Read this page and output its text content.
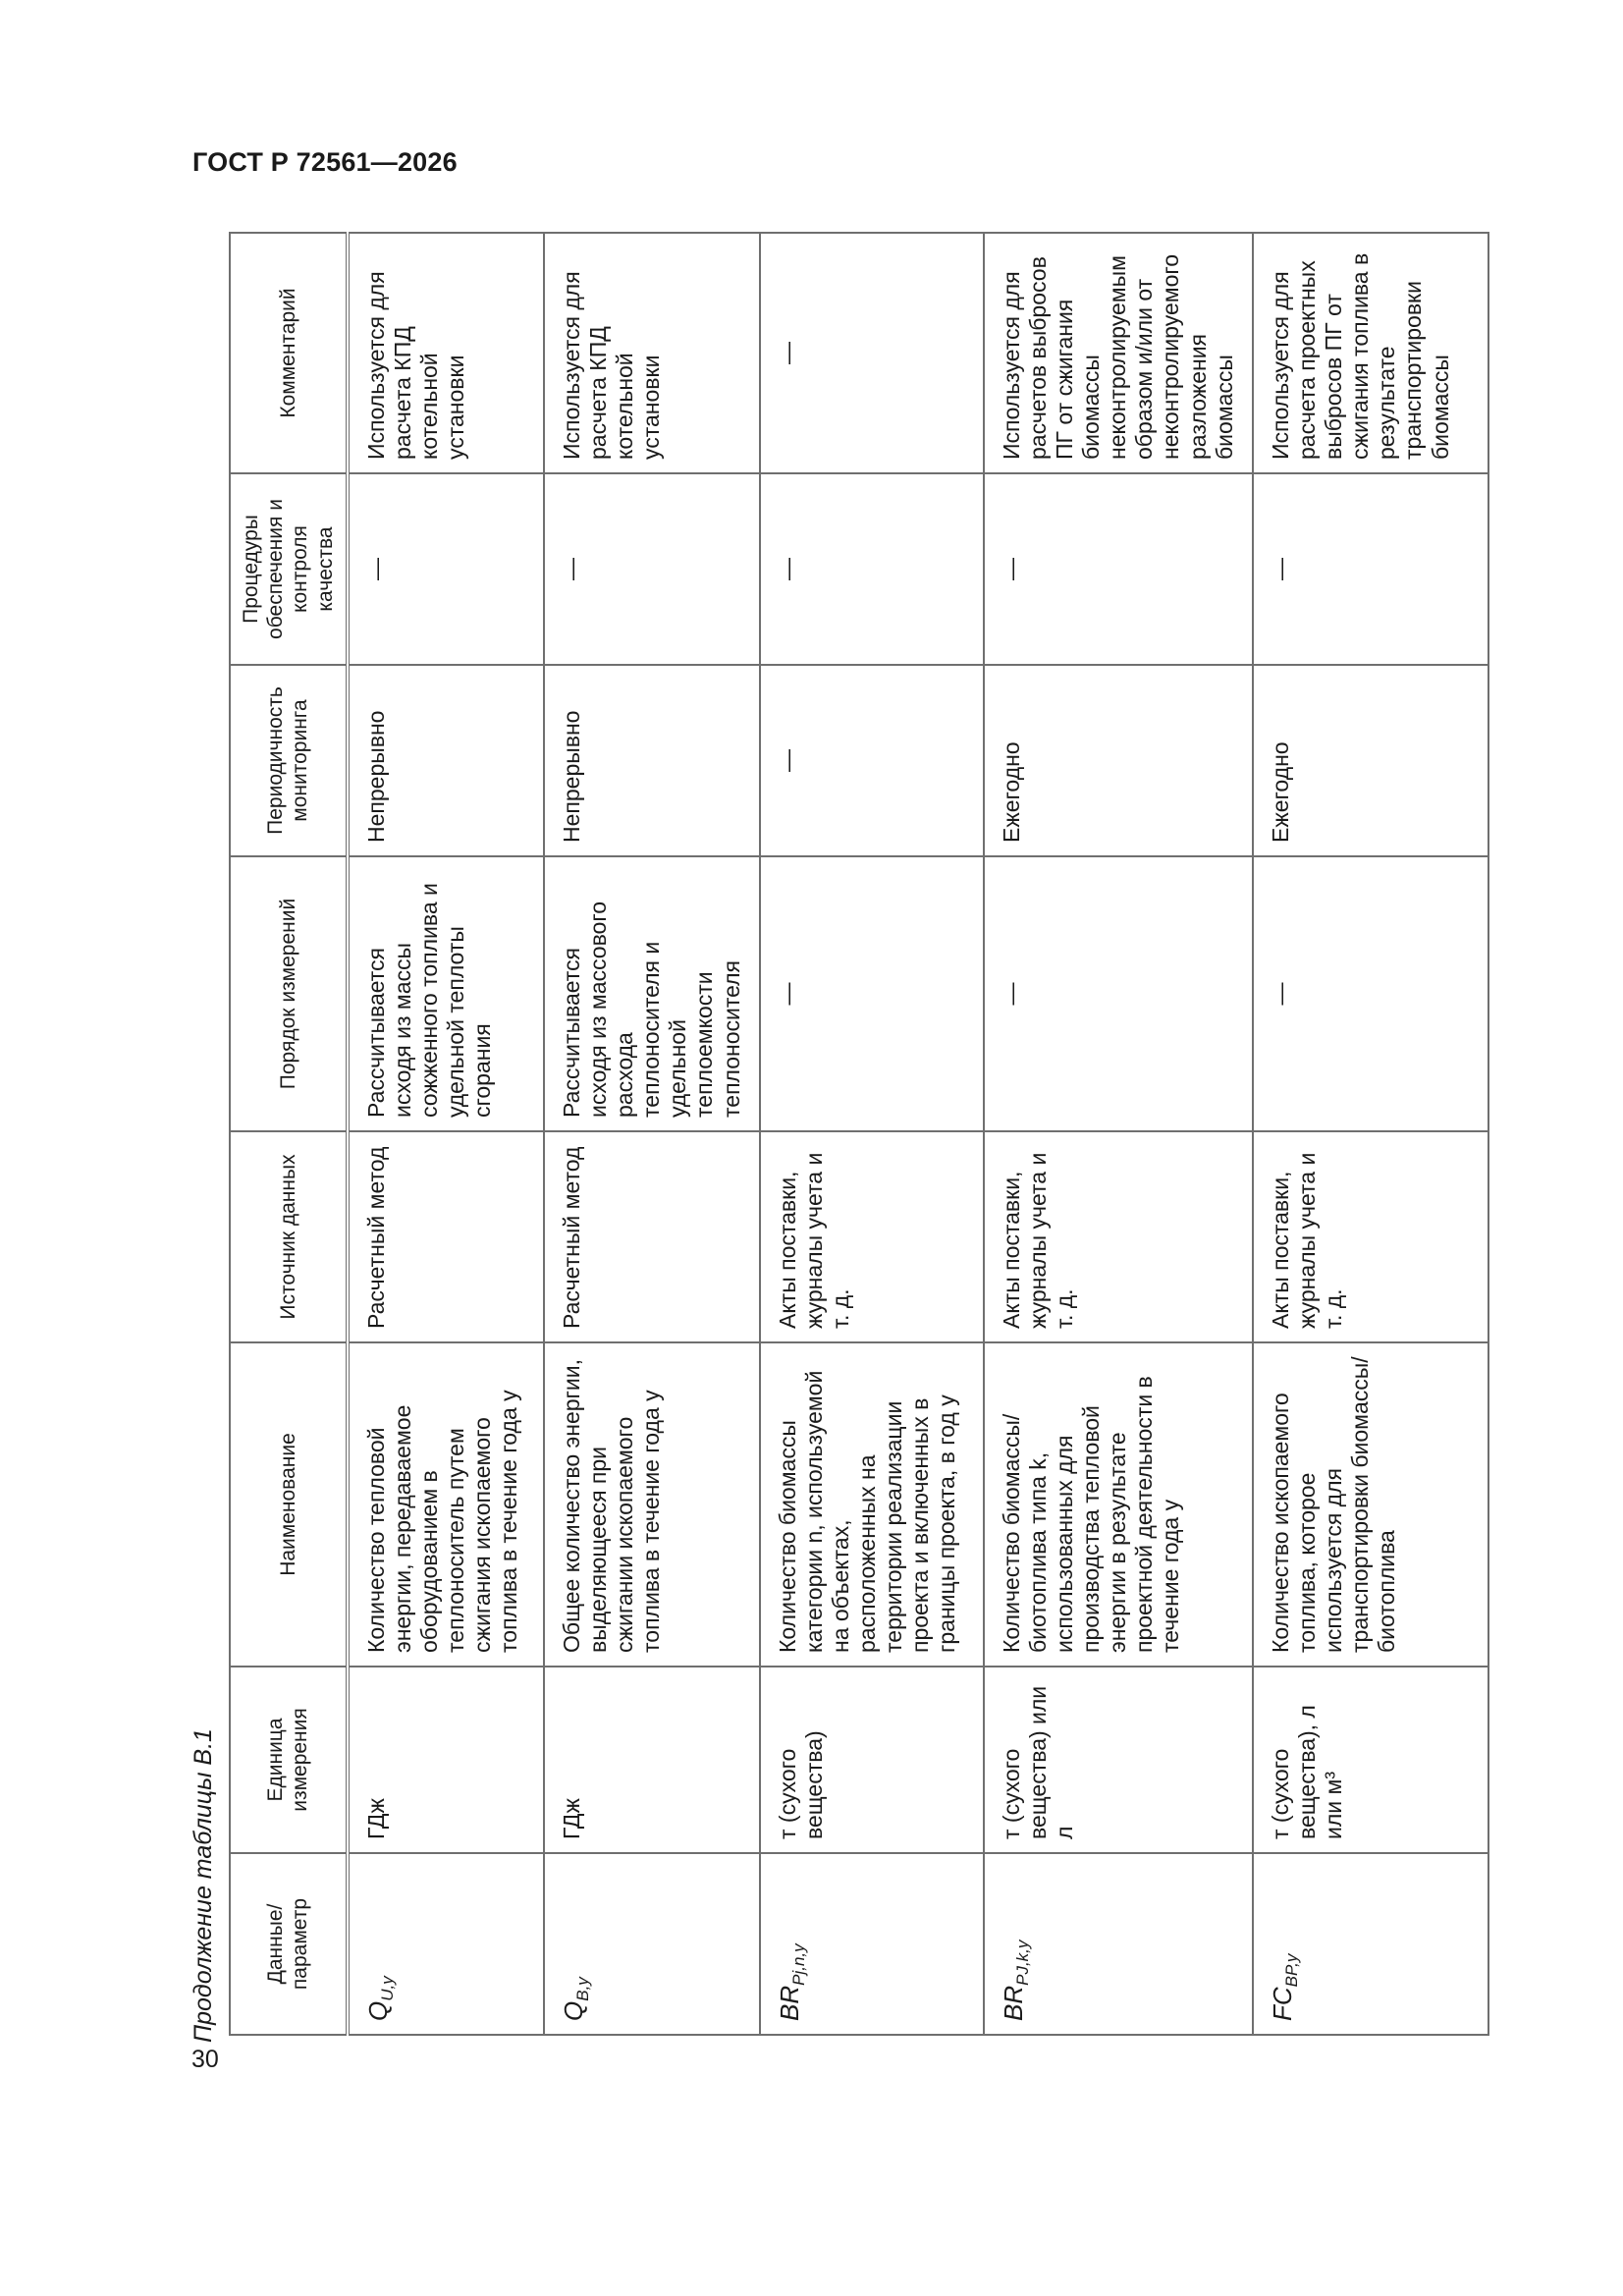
ГОСТ Р 72561—2026
Продолжение таблицы В.1
30
Данные/ параметр	Единица измерения	Наименование	Источник данных	Порядок измерений	Периодичность мониторинга	Процедуры обеспечения и контроля качества	Комментарий
$Q_{U,y}$	ГДж	Количество тепловой энергии, передаваемое оборудованием в теплоноситель путем сжигания ископаемого топлива в течение года y	Расчетный метод	Рассчитывается исходя из массы сожженного топлива и удельной теплоты сгорания	Непрерывно	—	Используется для расчета КПД котельной установки
$Q_{B,y}$	ГДж	Общее количество энергии, выделяющееся при сжигании ископаемого топлива в течение года y	Расчетный метод	Рассчитывается исходя из массового расхода теплоносителя и удельной теплоемкости теплоносителя	Непрерывно	—	Используется для расчета КПД котельной установки
$BR_{Pj,n,y}$	т (сухого вещества)	Количество биомассы категории n, используемой на объектах, расположенных на территории реализации проекта и включенных в границы проекта, в год y	Акты поставки, журналы учета и т. д.	—	—	—	—

$BR_{PJ,k,y}$	т (сухого вещества) или л	Количество биомассы/ биотоплива типа k, использованных для производства тепловой энергии в результате проектной деятельности в течение года y	Акты поставки, журналы учета и т. д.	—	Ежегодно	—	Используется для расчетов выбросов ПГ от сжигания биомассы неконтролируемым образом и/или от неконтролируемого разложения биомассы
$FC_{BP,y}$	т (сухого вещества), л или м³	Количество ископаемого топлива, которое используется для транспортировки биомассы/ биотоплива	Акты поставки, журналы учета и т. д.	—	Ежегодно	—	Используется для расчета проектных выбросов ПГ от сжигания топлива в результате транспортировки биомассы
